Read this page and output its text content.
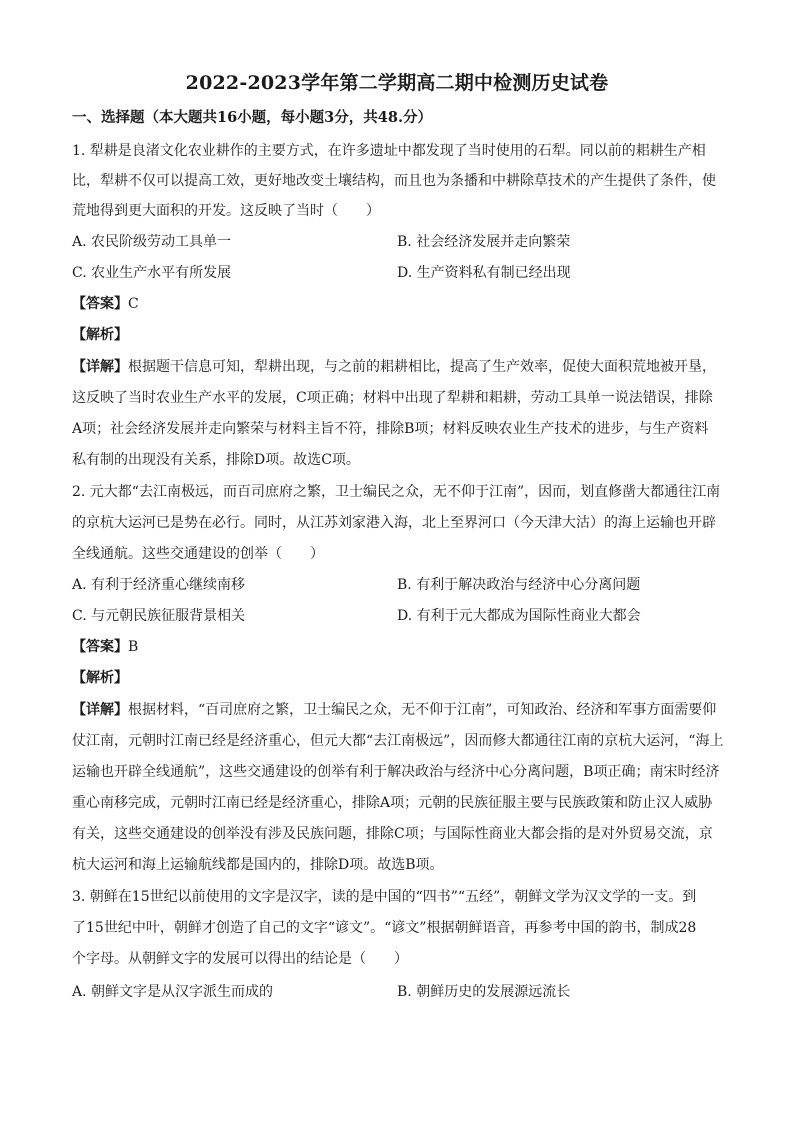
2022-2023学年第二学期高二期中检测历史试卷
一、选择题（本大题共16小题，每小题3分，共48.分）
1. 犁耕是良渚文化农业耕作的主要方式，在许多遗址中都发现了当时使用的石犁。同以前的耜耕生产相
比，犁耕不仅可以提高工效，更好地改变土壤结构，而且也为条播和中耕除草技术的产生提供了条件，使
荒地得到更大面积的开发。这反映了当时（　　）
A. 农民阶级劳动工具单一	B. 社会经济发展并走向繁荣
C. 农业生产水平有所发展	D. 生产资料私有制已经出现
【答案】C
【解析】
【详解】根据题干信息可知，犁耕出现，与之前的耜耕相比，提高了生产效率，促使大面积荒地被开垦，
这反映了当时农业生产水平的发展，C项正确；材料中出现了犁耕和耜耕，劳动工具单一说法错误，排除
A项；社会经济发展并走向繁荣与材料主旨不符，排除B项；材料反映农业生产技术的进步，与生产资料
私有制的出现没有关系，排除D项。故选C项。
2. 元大都“去江南极远，而百司庶府之繁，卫士编民之众，无不仰于江南”，因而，划直修凿大都通往江南
的京杭大运河已是势在必行。同时，从江苏刘家港入海，北上至界河口（今天津大沽）的海上运输也开辟
全线通航。这些交通建设的创举（　　）
A. 有利于经济重心继续南移	B. 有利于解决政治与经济中心分离问题
C. 与元朝民族征服背景相关	D. 有利于元大都成为国际性商业大都会
【答案】B
【解析】
【详解】根据材料，“百司庶府之繁，卫士编民之众，无不仰于江南”，可知政治、经济和军事方面需要仰
仗江南，元朝时江南已经是经济重心，但元大都“去江南极远”，因而修大都通往江南的京杭大运河，“海上
运输也开辟全线通航”，这些交通建设的创举有利于解决政治与经济中心分离问题，B项正确；南宋时经济
重心南移完成，元朝时江南已经是经济重心，排除A项；元朝的民族征服主要与民族政策和防止汉人威胁
有关，这些交通建设的创举没有涉及民族问题，排除C项；与国际性商业大都会指的是对外贸易交流，京
杭大运河和海上运输航线都是国内的，排除D项。故选B项。
3. 朝鲜在15世纪以前使用的文字是汉字，读的是中国的“四书”“五经”，朝鲜文学为汉文学的一支。到
了15世纪中叶，朝鲜才创造了自己的文字“谚文”。“谚文”根据朝鲜语音，再参考中国的韵书，制成28
个字母。从朝鲜文字的发展可以得出的结论是（　　）
A. 朝鲜文字是从汉字派生而成的	B. 朝鲜历史的发展源远流长
